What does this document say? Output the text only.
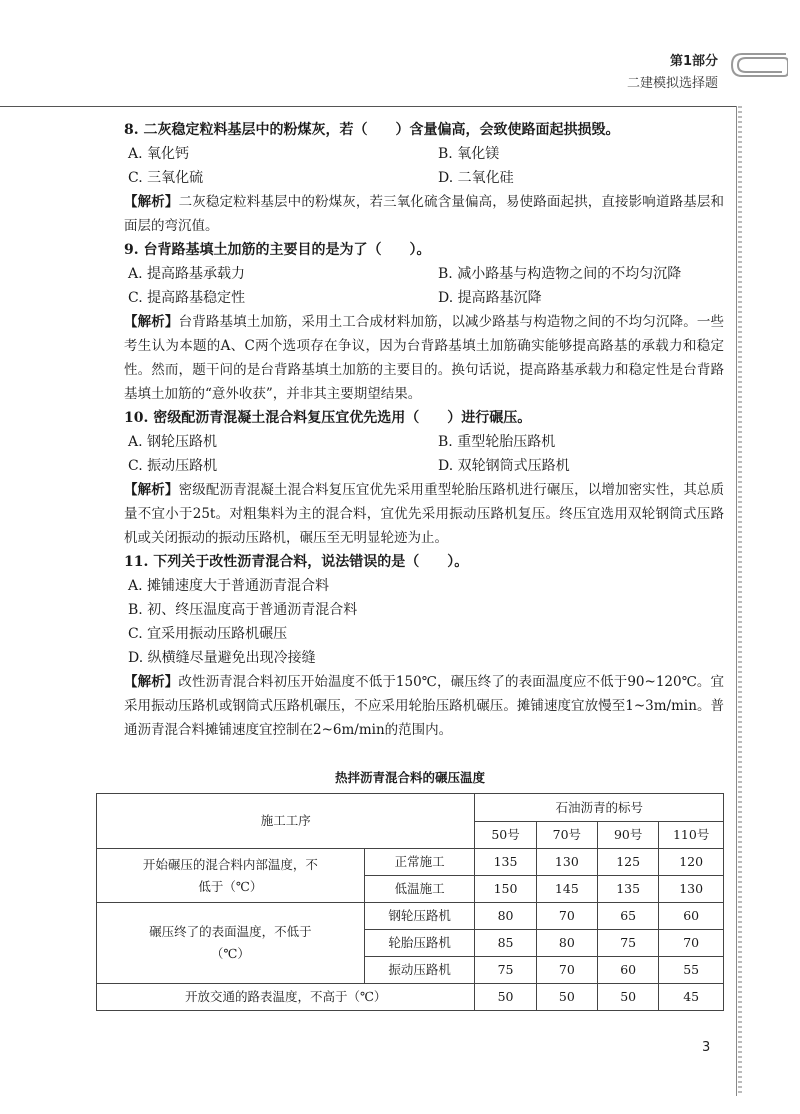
第1部分
二建模拟选择题
8. 二灰稳定粒料基层中的粉煤灰，若（　　）含量偏高，会致使路面起拱损毁。
A. 氧化钙	B. 氧化镁
C. 三氧化硫	D. 二氧化硅
【解析】二灰稳定粒料基层中的粉煤灰，若三氧化硫含量偏高，易使路面起拱，直接影响道路基层和面层的弯沉值。
9. 台背路基填土加筋的主要目的是为了（　　）。
A. 提高路基承载力	B. 减小路基与构造物之间的不均匀沉降
C. 提高路基稳定性	D. 提高路基沉降
【解析】台背路基填土加筋，采用土工合成材料加筋，以减少路基与构造物之间的不均匀沉降。一些考生认为本题的A、C两个选项存在争议，因为台背路基填土加筋确实能够提高路基的承载力和稳定性。然而，题干问的是台背路基填土加筋的主要目的。换句话说，提高路基承载力和稳定性是台背路基填土加筋的“意外收获”，并非其主要期望结果。
10. 密级配沥青混凝土混合料复压宜优先选用（　　）进行碾压。
A. 钢轮压路机	B. 重型轮胎压路机
C. 振动压路机	D. 双轮钢筒式压路机
【解析】密级配沥青混凝土混合料复压宜优先采用重型轮胎压路机进行碾压，以增加密实性，其总质量不宜小于25t。对粗集料为主的混合料，宜优先采用振动压路机复压。终压宜选用双轮钢筒式压路机或关闭振动的振动压路机，碾压至无明显轮迹为止。
11. 下列关于改性沥青混合料，说法错误的是（　　）。
A. 摊铺速度大于普通沥青混合料
B. 初、终压温度高于普通沥青混合料
C. 宜采用振动压路机碾压
D. 纵横缝尽量避免出现冷接缝
【解析】改性沥青混合料初压开始温度不低于150℃，碾压终了的表面温度应不低于90~120℃。宜采用振动压路机或钢筒式压路机碾压，不应采用轮胎压路机碾压。摊铺速度宜放慢至1~3m/min。普通沥青混合料摊铺速度宜控制在2~6m/min的范围内。
热拌沥青混合料的碾压温度
施工工序		石油沥青的标号			
		50号	70号	90号	110号
开始碾压的混合料内部温度，不低于（℃）	正常施工	135	130	125	120
	低温施工	150	145	135	130
碾压终了的表面温度，不低于（℃）	钢轮压路机	80	70	65	60
	轮胎压路机	85	80	75	70
	振动压路机	75	70	60	55
开放交通的路表温度，不高于（℃）		50	50	50	45
3
